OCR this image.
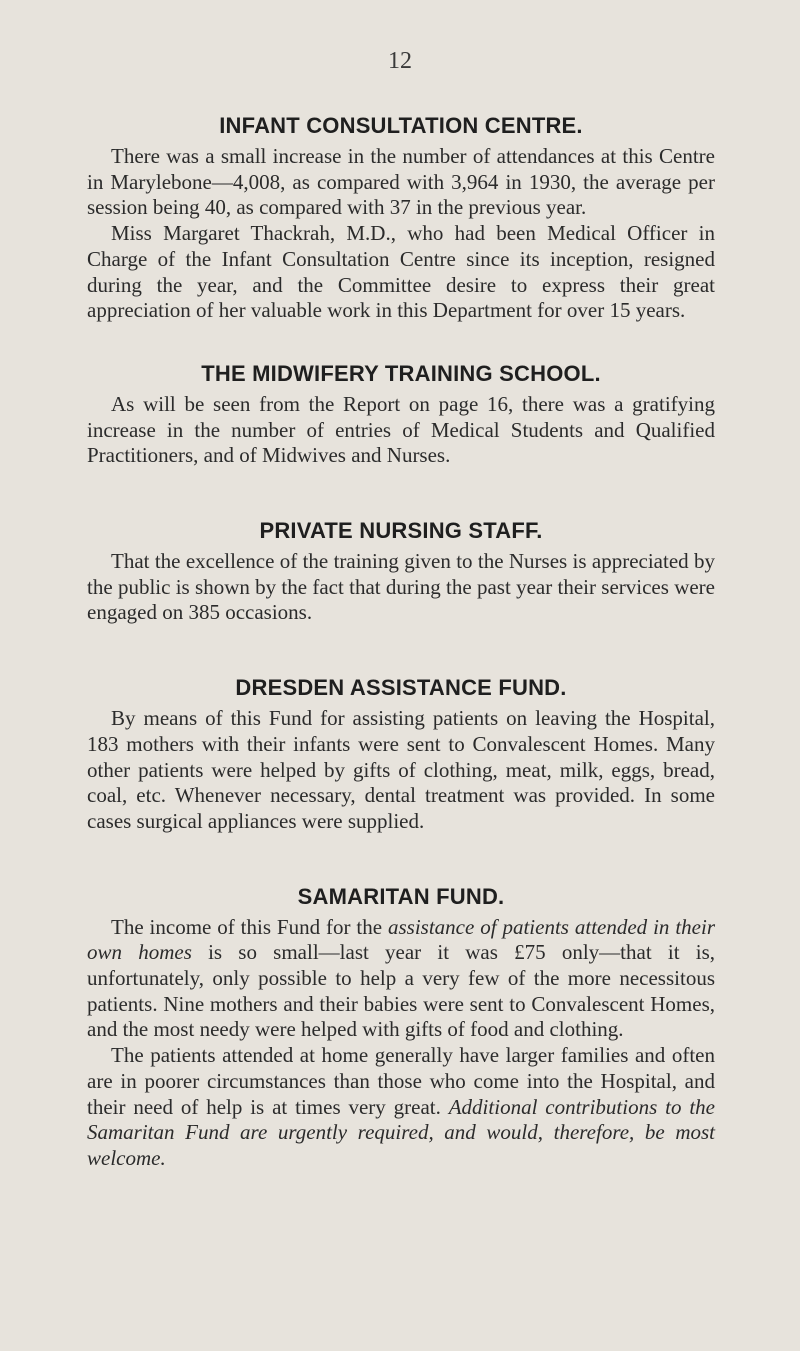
12

INFANT CONSULTATION CENTRE.

There was a small increase in the number of attendances at this Centre in Marylebone—4,008, as compared with 3,964 in 1930, the average per session being 40, as compared with 37 in the previous year.

Miss Margaret Thackrah, M.D., who had been Medical Officer in Charge of the Infant Consultation Centre since its inception, resigned during the year, and the Committee desire to express their great appreciation of her valuable work in this Department for over 15 years.

THE MIDWIFERY TRAINING SCHOOL.

As will be seen from the Report on page 16, there was a gratifying increase in the number of entries of Medical Students and Qualified Practitioners, and of Midwives and Nurses.

PRIVATE NURSING STAFF.

That the excellence of the training given to the Nurses is appreciated by the public is shown by the fact that during the past year their services were engaged on 385 occasions.

DRESDEN ASSISTANCE FUND.

By means of this Fund for assisting patients on leaving the Hospital, 183 mothers with their infants were sent to Convalescent Homes. Many other patients were helped by gifts of clothing, meat, milk, eggs, bread, coal, etc. Whenever necessary, dental treatment was provided. In some cases surgical appliances were supplied.

SAMARITAN FUND.

The income of this Fund for the assistance of patients attended in their own homes is so small—last year it was £75 only—that it is, unfortunately, only possible to help a very few of the more necessitous patients. Nine mothers and their babies were sent to Convalescent Homes, and the most needy were helped with gifts of food and clothing.

The patients attended at home generally have larger families and often are in poorer circumstances than those who come into the Hospital, and their need of help is at times very great. Additional contributions to the Samaritan Fund are urgently required, and would, therefore, be most welcome.
